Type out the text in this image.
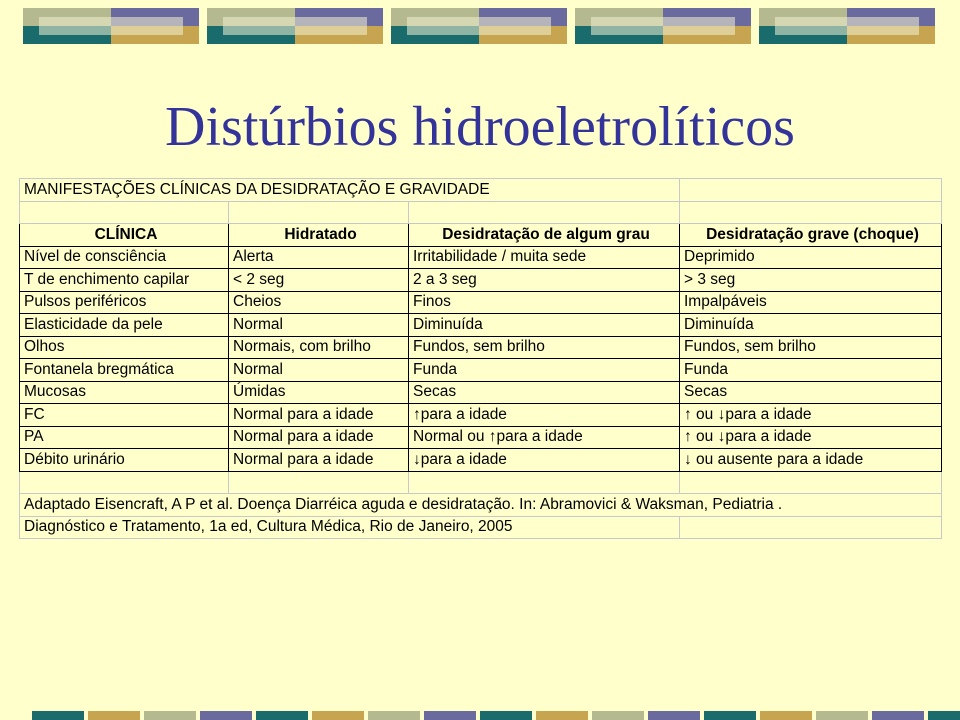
Distúrbios hidroeletrolíticos
MANIFESTAÇÕES CLÍNICAS DA DESIDRATAÇÃO E GRAVIDADE			

CLÍNICA	Hidratado	Desidratação de algum grau	Desidratação grave (choque)
Nível de consciência	Alerta	Irritabilidade / muita sede	Deprimido
T de enchimento capilar	< 2 seg	2 a 3 seg	> 3 seg
Pulsos periféricos	Cheios	Finos	Impalpáveis
Elasticidade da pele	Normal	Diminuída	Diminuída
Olhos	Normais, com brilho	Fundos, sem brilho	Fundos, sem brilho
Fontanela bregmática	Normal	Funda	Funda
Mucosas	Úmidas	Secas	Secas
FC	Normal para a idade	↑para a idade	↑ ou ↓para a idade
PA	Normal para a idade	Normal ou ↑para a idade	↑ ou ↓para a idade
Débito urinário	Normal para a idade	↓para a idade	↓ ou ausente para a idade

Adaptado Eisencraft, A P et al. Doença Diarréica aguda e desidratação. In: Abramovici & Waksman, Pediatria .			
Diagnóstico e Tratamento, 1a ed, Cultura Médica, Rio de Janeiro, 2005			
